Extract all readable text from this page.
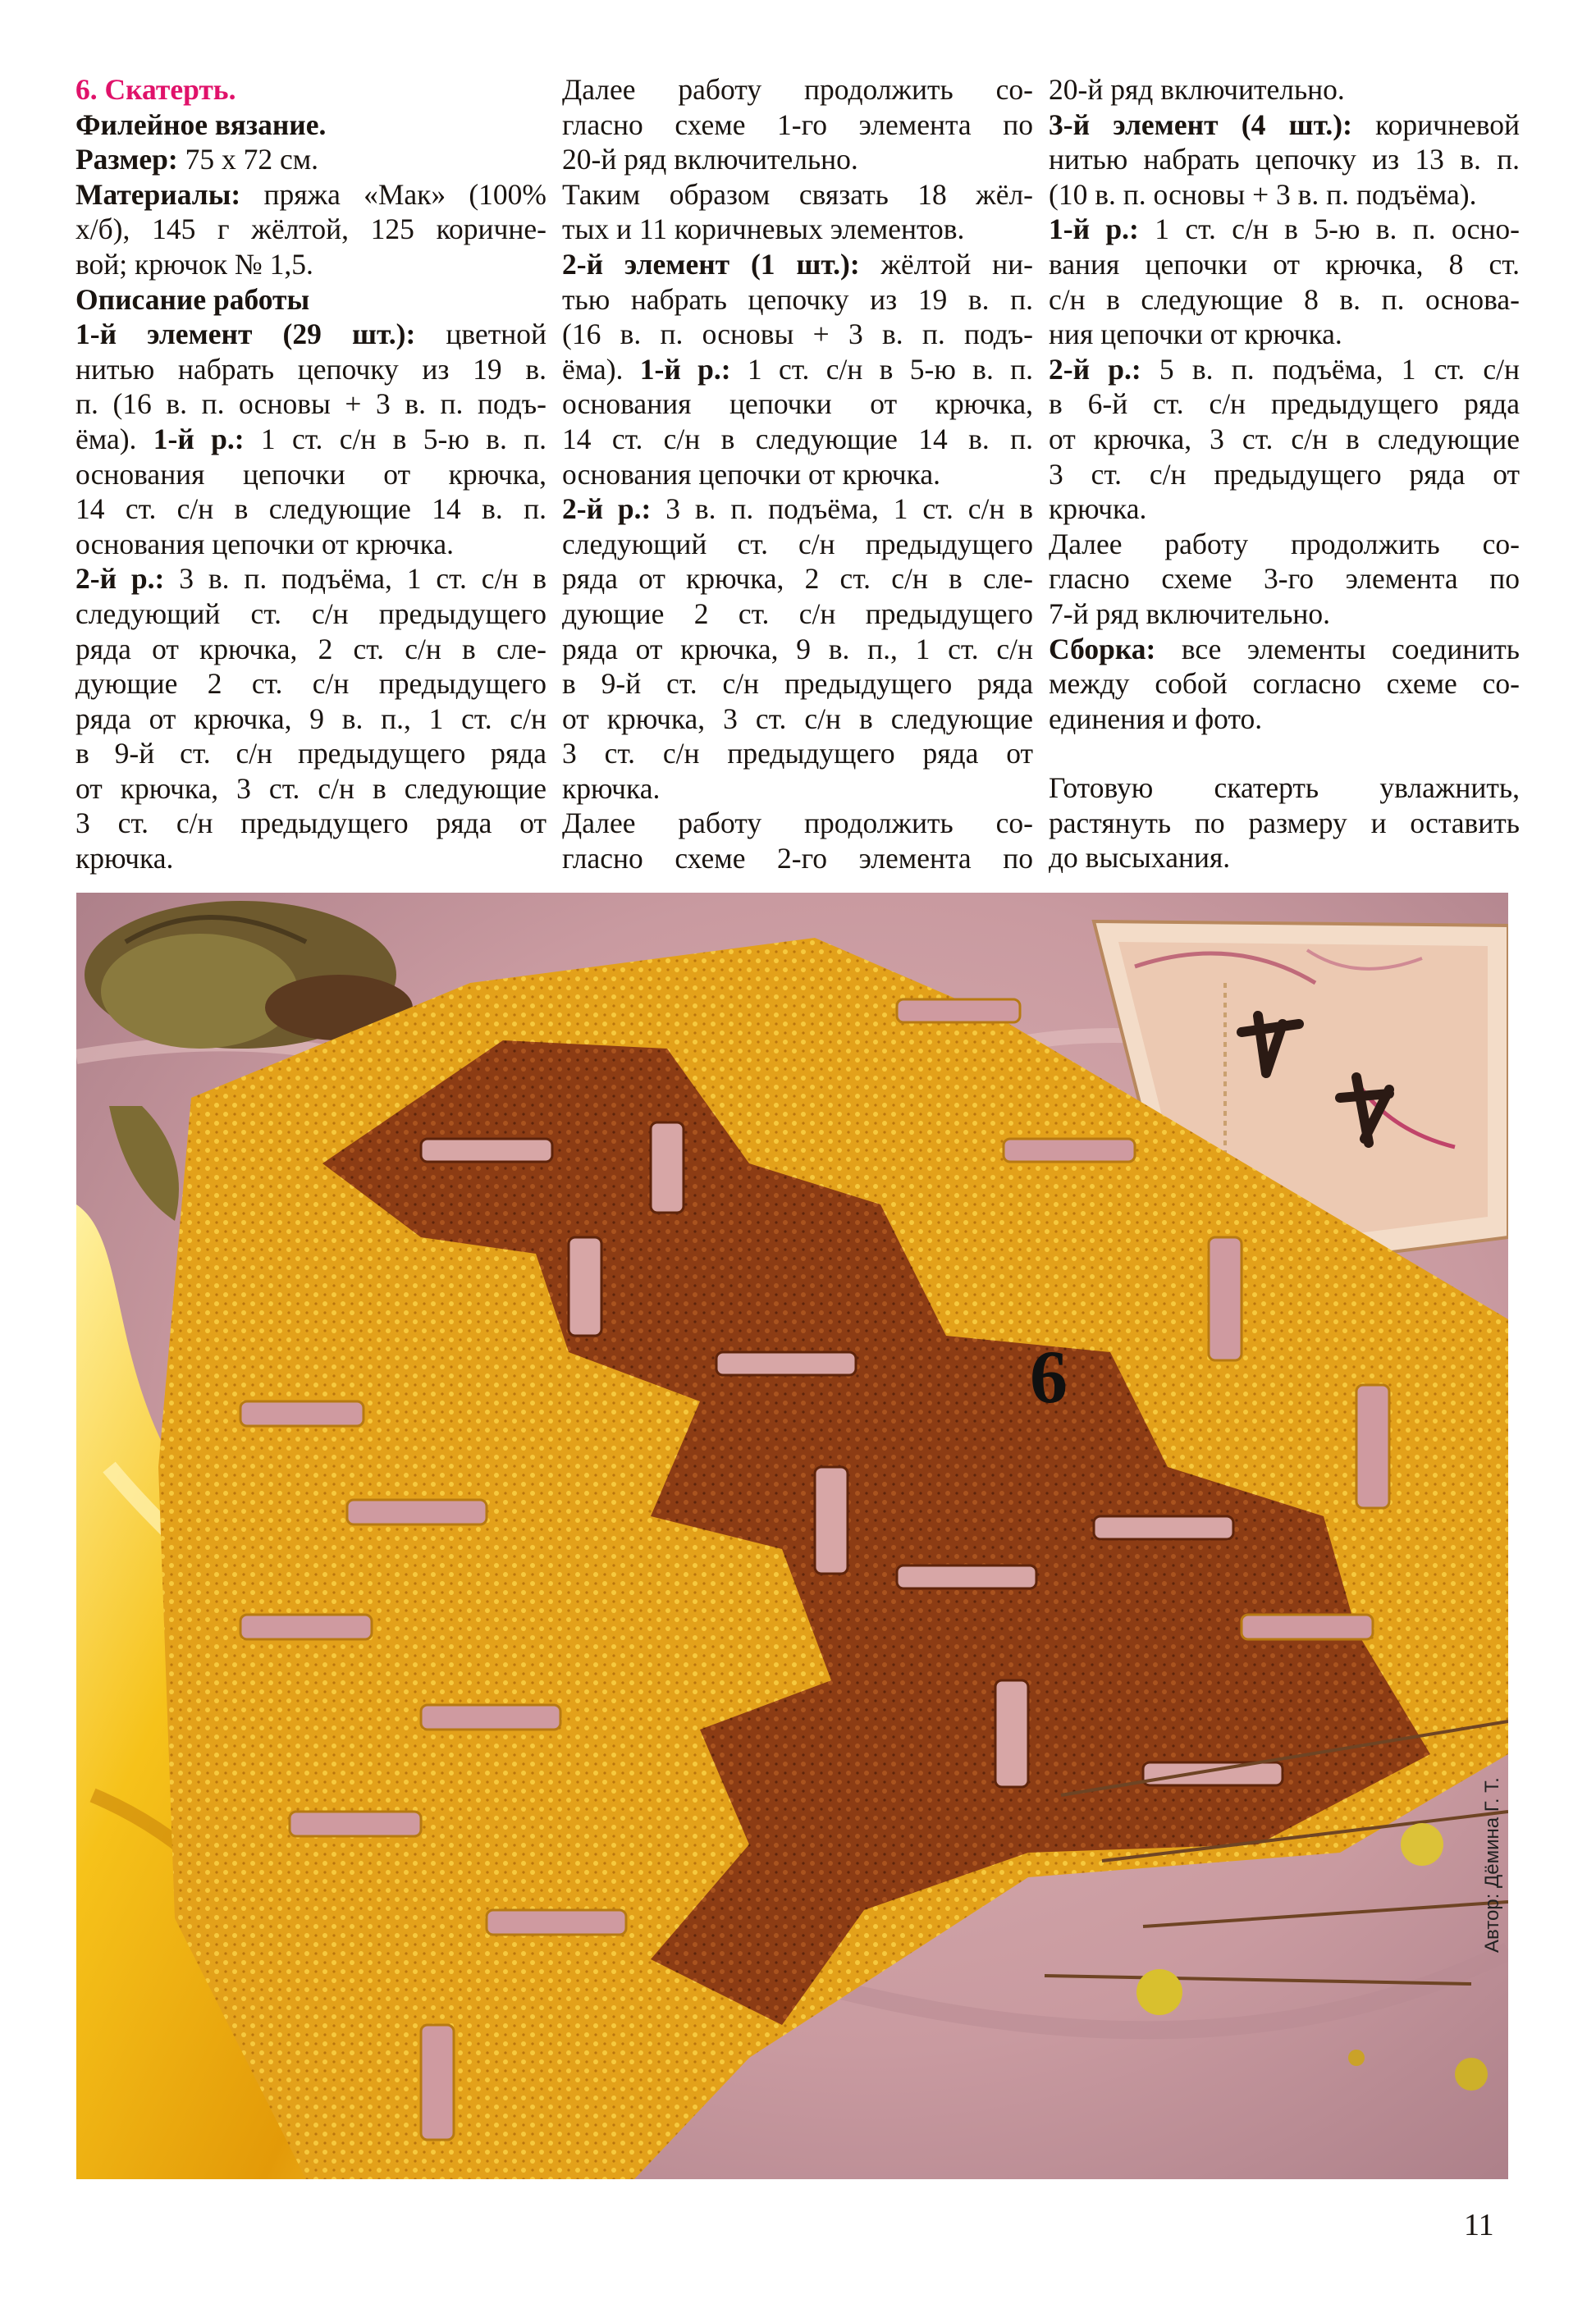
6. Скатерть.

Филейное вязание.

Размер: 75 х 72 см.

Материалы: пряжа «Мак» (100%

х/б), 145 г жёлтой, 125 коричне-

вой; крючок № 1,5.

Описание работы

1-й элемент (29 шт.): цветной

нитью набрать цепочку из 19 в.

п. (16 в. п. основы + 3 в. п. подъ-

ёма). 1-й р.: 1 ст. с/н в 5-ю в. п.

основания цепочки от крючка,

14 ст. с/н в следующие 14 в. п.

основания цепочки от крючка.

2-й р.: 3 в. п. подъёма, 1 ст. с/н в

следующий ст. с/н предыдущего

ряда от крючка, 2 ст. с/н в сле-

дующие 2 ст. с/н предыдущего

ряда от крючка, 9 в. п., 1 ст. с/н

в 9-й ст. с/н предыдущего ряда

от крючка, 3 ст. с/н в следующие

3 ст. с/н предыдущего ряда от

крючка.

Далее работу продолжить со-

гласно схеме 1-го элемента по

20-й ряд включительно.

Таким образом связать 18 жёл-

тых и 11 коричневых элементов.

2-й элемент (1 шт.): жёлтой ни-

тью набрать цепочку из 19 в. п.

(16 в. п. основы + 3 в. п. подъ-

ёма). 1-й р.: 1 ст. с/н в 5-ю в. п.

основания цепочки от крючка,

14 ст. с/н в следующие 14 в. п.

основания цепочки от крючка.

2-й р.: 3 в. п. подъёма, 1 ст. с/н в

следующий ст. с/н предыдущего

ряда от крючка, 2 ст. с/н в сле-

дующие 2 ст. с/н предыдущего

ряда от крючка, 9 в. п., 1 ст. с/н

в 9-й ст. с/н предыдущего ряда

от крючка, 3 ст. с/н в следующие

3 ст. с/н предыдущего ряда от

крючка.

Далее работу продолжить со-

гласно схеме 2-го элемента по

20-й ряд включительно.

3-й элемент (4 шт.): коричневой

нитью набрать цепочку из 13 в. п.

(10 в. п. основы + 3 в. п. подъёма).

1-й р.: 1 ст. с/н в 5-ю в. п. осно-

вания цепочки от крючка, 8 ст.

с/н в следующие 8 в. п. основа-

ния цепочки от крючка.

2-й р.: 5 в. п. подъёма, 1 ст. с/н

в 6-й ст. с/н предыдущего ряда

от крючка, 3 ст. с/н в следующие

3 ст. с/н предыдущего ряда от

крючка.

Далее работу продолжить со-

гласно схеме 3-го элемента по

7-й ряд включительно.

Сборка: все элементы соединить

между собой согласно схеме со-

единения и фото.

Готовую скатерть увлажнить,

растянуть по размеру и оставить

до высыхания.

6
Автор: Дёмина Г. Т.
11
